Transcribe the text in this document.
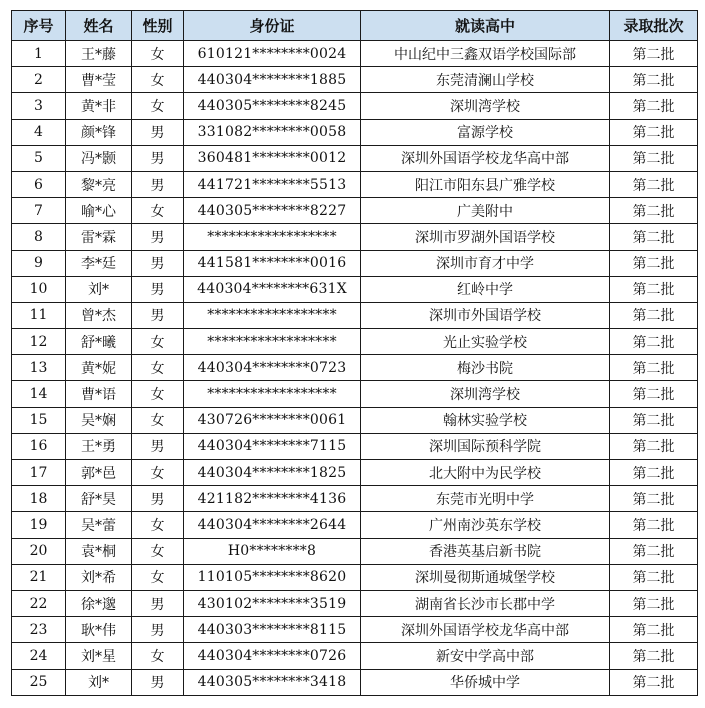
序号	姓名	性别	身份证	就读高中	录取批次
1	王*藤	女	610121********0024	中山纪中三鑫双语学校国际部	第二批
2	曹*莹	女	440304********1885	东莞清澜山学校	第二批
3	黄*非	女	440305********8245	深圳湾学校	第二批
4	颜*锋	男	331082********0058	富源学校	第二批
5	冯*颢	男	360481********0012	深圳外国语学校龙华高中部	第二批
6	黎*亮	男	441721********5513	阳江市阳东县广雅学校	第二批
7	喻*心	女	440305********8227	广美附中	第二批
8	雷*霖	男	******************	深圳市罗湖外国语学校	第二批
9	李*廷	男	441581********0016	深圳市育才中学	第二批
10	刘*	男	440304********631X	红岭中学	第二批
11	曾*杰	男	******************	深圳市外国语学校	第二批
12	舒*曦	女	******************	光止实验学校	第二批
13	黄*妮	女	440304********0723	梅沙书院	第二批
14	曹*语	女	******************	深圳湾学校	第二批
15	吴*娴	女	430726********0061	翰林实验学校	第二批
16	王*勇	男	440304********7115	深圳国际预科学院	第二批
17	郭*邑	女	440304********1825	北大附中为民学校	第二批
18	舒*昊	男	421182********4136	东莞市光明中学	第二批
19	吴*蕾	女	440304********2644	广州南沙英东学校	第二批
20	袁*桐	女	H0********8	香港英基启新书院	第二批
21	刘*希	女	110105********8620	深圳曼彻斯通城堡学校	第二批
22	徐*邈	男	430102********3519	湖南省长沙市长郡中学	第二批
23	耿*伟	男	440303********8115	深圳外国语学校龙华高中部	第二批
24	刘*星	女	440304********0726	新安中学高中部	第二批
25	刘*	男	440305********3418	华侨城中学	第二批
